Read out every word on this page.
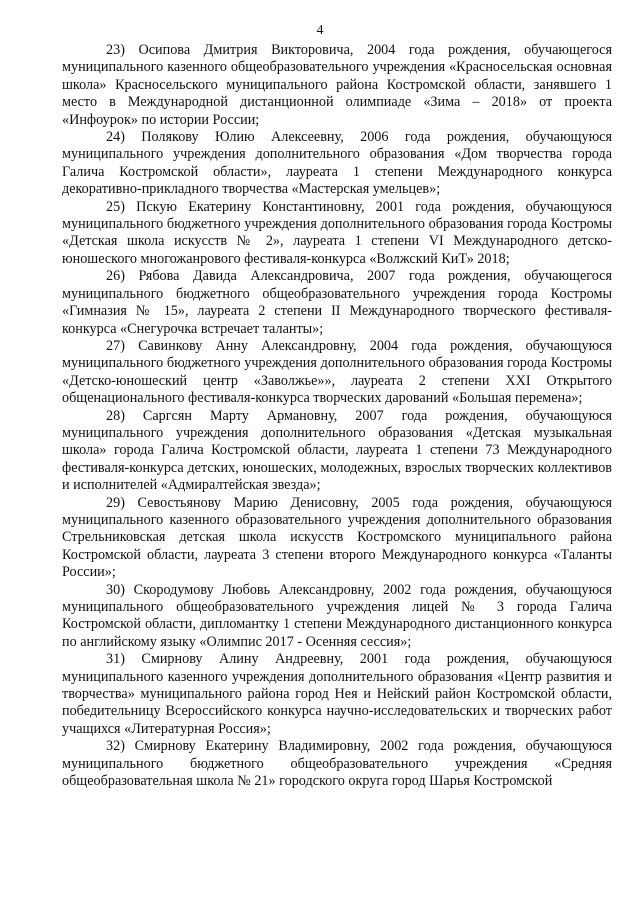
4

23) Осипова Дмитрия Викторовича, 2004 года рождения, обучающегося муниципального казенного общеобразовательного учреждения «Красносельская основная школа» Красносельского муниципального района Костромской области, занявшего 1 место в Международной дистанционной олимпиаде «Зима – 2018» от проекта «Инфоурок» по истории России;

24) Полякову Юлию Алексеевну, 2006 года рождения, обучающуюся муниципального учреждения дополнительного образования «Дом творчества города Галича Костромской области», лауреата 1 степени Международного конкурса декоративно-прикладного творчества «Мастерская умельцев»;

25) Пскую Екатерину Константиновну, 2001 года рождения, обучающуюся муниципального бюджетного учреждения дополнительного образования города Костромы «Детская школа искусств № 2», лауреата 1 степени VI Международного детско-юношеского многожанрового фестиваля-конкурса «Волжский КиТ» 2018;

26) Рябова Давида Александровича, 2007 года рождения, обучающегося муниципального бюджетного общеобразовательного учреждения города Костромы «Гимназия № 15», лауреата 2 степени II Международного творческого фестиваля-конкурса «Снегурочка встречает таланты»;

27) Савинкову Анну Александровну, 2004 года рождения, обучающуюся муниципального бюджетного учреждения дополнительного образования города Костромы «Детско-юношеский центр «Заволжье»», лауреата 2 степени XXI Открытого общенационального фестиваля-конкурса творческих дарований «Большая перемена»;

28) Саргсян Марту Армановну, 2007 года рождения, обучающуюся муниципального учреждения дополнительного образования «Детская музыкальная школа» города Галича Костромской области, лауреата 1 степени 73 Международного фестиваля-конкурса детских, юношеских, молодежных, взрослых творческих коллективов и исполнителей «Адмиралтейская звезда»;

29) Севостьянову Марию Денисовну, 2005 года рождения, обучающуюся муниципального казенного образовательного учреждения дополнительного образования Стрельниковская детская школа искусств Костромского муниципального района Костромской области, лауреата 3 степени второго Международного конкурса «Таланты России»;

30) Скородумову Любовь Александровну, 2002 года рождения, обучающуюся муниципального общеобразовательного учреждения лицей № 3 города Галича Костромской области, дипломантку 1 степени Международного дистанционного конкурса по английскому языку «Олимпис 2017 - Осенняя сессия»;

31) Смирнову Алину Андреевну, 2001 года рождения, обучающуюся муниципального казенного учреждения дополнительного образования «Центр развития и творчества» муниципального района город Нея и Нейский район Костромской области, победительницу Всероссийского конкурса научно-исследовательских и творческих работ учащихся «Литературная Россия»;

32) Смирнову Екатерину Владимировну, 2002 года рождения, обучающуюся муниципального бюджетного общеобразовательного учреждения «Средняя общеобразовательная школа № 21» городского округа город Шарья Костромской
